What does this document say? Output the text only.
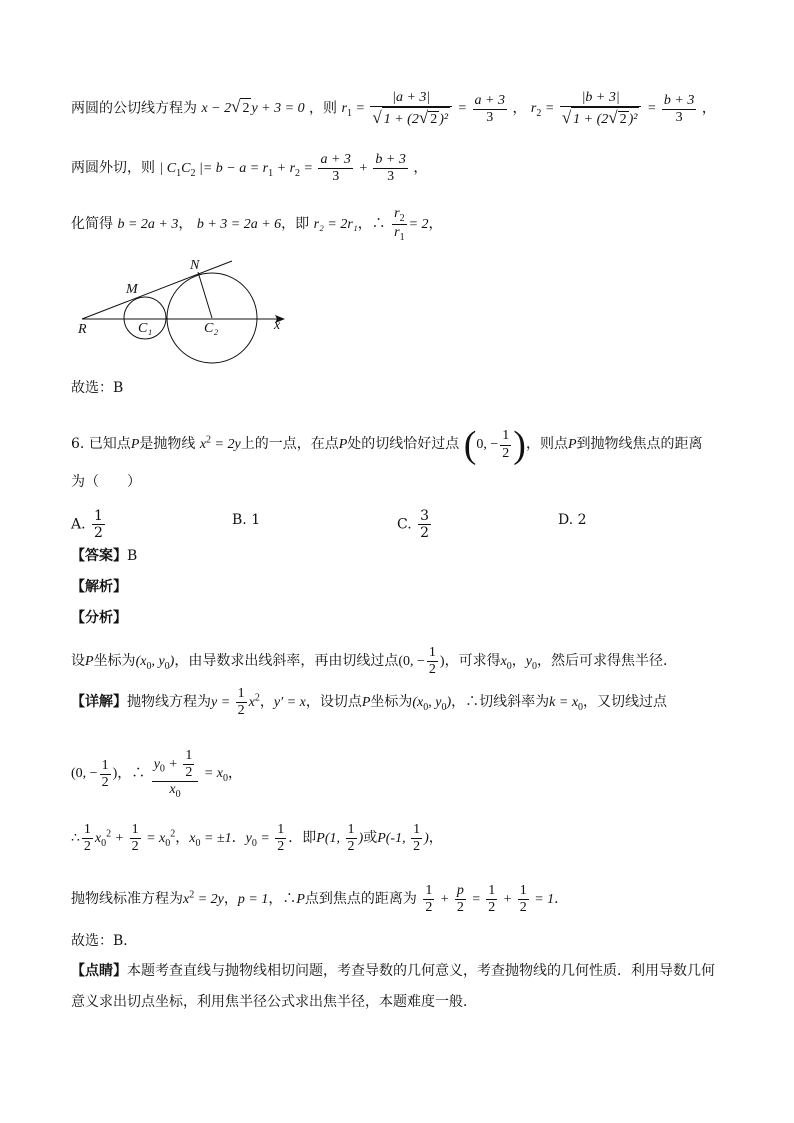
两圆的公切线方程为 x − 2√ 2 y + 3 = 0 ，则 $r_1 = \frac{|a + 3|}{\text{√ 1 + (2√ 2 )²}} = \frac{a + 3}{3}$ ， $r_2 = \frac{|b + 3|}{\text{√ 1 + (2√ 2 )²}} = \frac{b + 3}{3}$ ，
两圆外切，则 | $C_1C_2$ |= $b - a = r_1 + r_2 = \frac{a + 3}{3} + \frac{b + 3}{3}$ ，
化简得 b = 2a + 3， b + 3 = 2a + 6，即 r₂ = 2r₁，∴ $\frac{r_2}{r_1} = 2$，
N
M
R	C₁	C₂	x
故选：B
6. 已知点P是抛物线 $x^2 = 2y$上的一点，在点P处的切线恰好过点 (0, − $\frac{1}{2}$ )，则点P到抛物线焦点的距离
为（　　）
A. $\frac{1}{2}$	B. 1	C. $\frac{3}{2}$	D. 2
【答案】B
【解析】
【分析】
设P坐标为($x_0$, $y_0$)，由导数求出线斜率，再由切线过点(0, − $\frac{1}{2}$ )，可求得$x_0$，$y_0$，然后可求得焦半径．
【详解】抛物线方程为$y = \frac{1}{2} x^2$，y′ = x，设切点P坐标为($x_0$, $y_0$)，∴切线斜率为$k = x_0$，又切线过点
(0, − $\frac{1}{2}$ )，∴ $\frac{y_0 + \frac{1}{2}}{x_0} = x_0$，
∴ $\frac{1}{2} x_0^2 + \frac{1}{2} = x_0^2$，$x_0 = \pm 1$．$y_0 = \frac{1}{2}$ ．即P(1, $\frac{1}{2}$ )或P(-1, $\frac{1}{2}$ )，
抛物线标准方程为$x^2 = 2y$，p = 1，∴P点到焦点的距离为 $\frac{1}{2} + \frac{p}{2} = \frac{1}{2} + \frac{1}{2} = 1$．
故选：B．
【点睛】本题考查直线与抛物线相切问题，考查导数的几何意义，考查抛物线的几何性质．利用导数几何
意义求出切点坐标，利用焦半径公式求出焦半径，本题难度一般．
